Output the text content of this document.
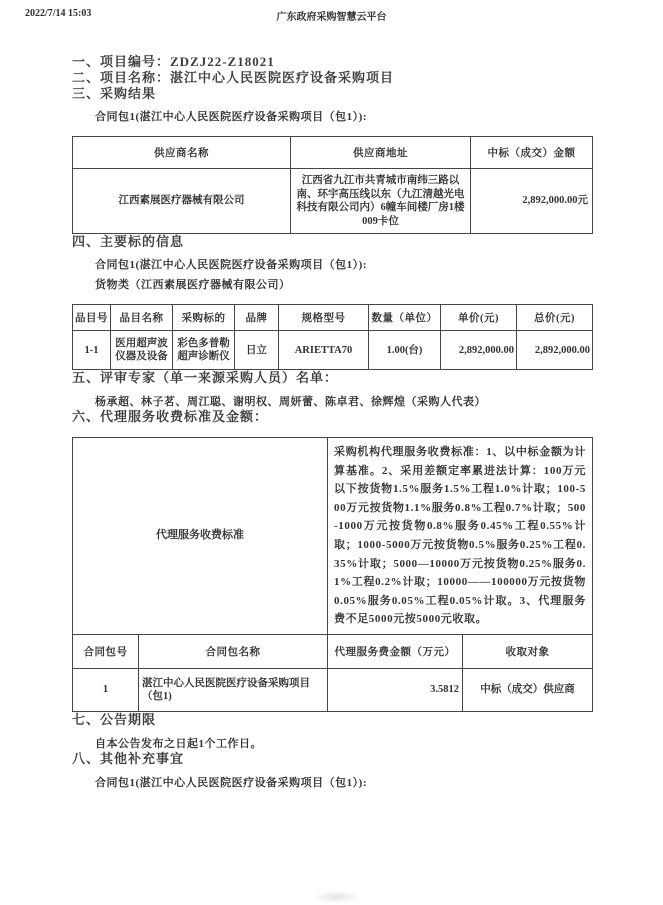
2022/7/14 15:03	广东政府采购智慧云平台
一、项目编号：ZDZJ22-Z18021
二、项目名称：湛江中心人民医院医疗设备采购项目
三、采购结果
合同包1(湛江中心人民医院医疗设备采购项目（包1）):
供应商名称	供应商地址	中标（成交）金额
江西素展医疗器械有限公司	江西省九江市共青城市南纬三路以南、环宇高压线以东（九江清越光电科技有限公司内）6幢车间楼厂房1楼009卡位	2,892,000.00元
四、主要标的信息
合同包1(湛江中心人民医院医疗设备采购项目（包1）):
货物类（江西素展医疗器械有限公司）
品目号	品目名称	采购标的	品牌	规格型号	数量（单位）	单价(元)	总价(元)
1-1	医用超声波仪器及设备	彩色多普勒超声诊断仪	日立	ARIETTA70	1.00(台)	2,892,000.00	2,892,000.00
五、评审专家（单一来源采购人员）名单：
杨承超、林子茗、周江聪、谢明权、周妍蕾、陈卓君、徐辉煌（采购人代表）
六、代理服务收费标准及金额：
代理服务收费标准		采购机构代理服务收费标准：1、以中标金额为计算基准。2、采用差额定率累进法计算：100万元以下按货物1.5%服务1.5%工程1.0%计取；100-500万元按货物1.1%服务0.8%工程0.7%计取；500-1000万元按货物0.8%服务0.45%工程0.55%计取；1000-5000万元按货物0.5%服务0.25%工程0.35%计取；5000—10000万元按货物0.25%服务0.1%工程0.2%计取；10000——100000万元按货物0.05%服务0.05%工程0.05%计取。3、代理服务费不足5000元按5000元收取。	
合同包号	合同包名称	代理服务费金额（万元）	收取对象
1	湛江中心人民医院医疗设备采购项目（包1)	3.5812	中标（成交）供应商
七、公告期限
自本公告发布之日起1个工作日。
八、其他补充事宜
合同包1(湛江中心人民医院医疗设备采购项目（包1）):
